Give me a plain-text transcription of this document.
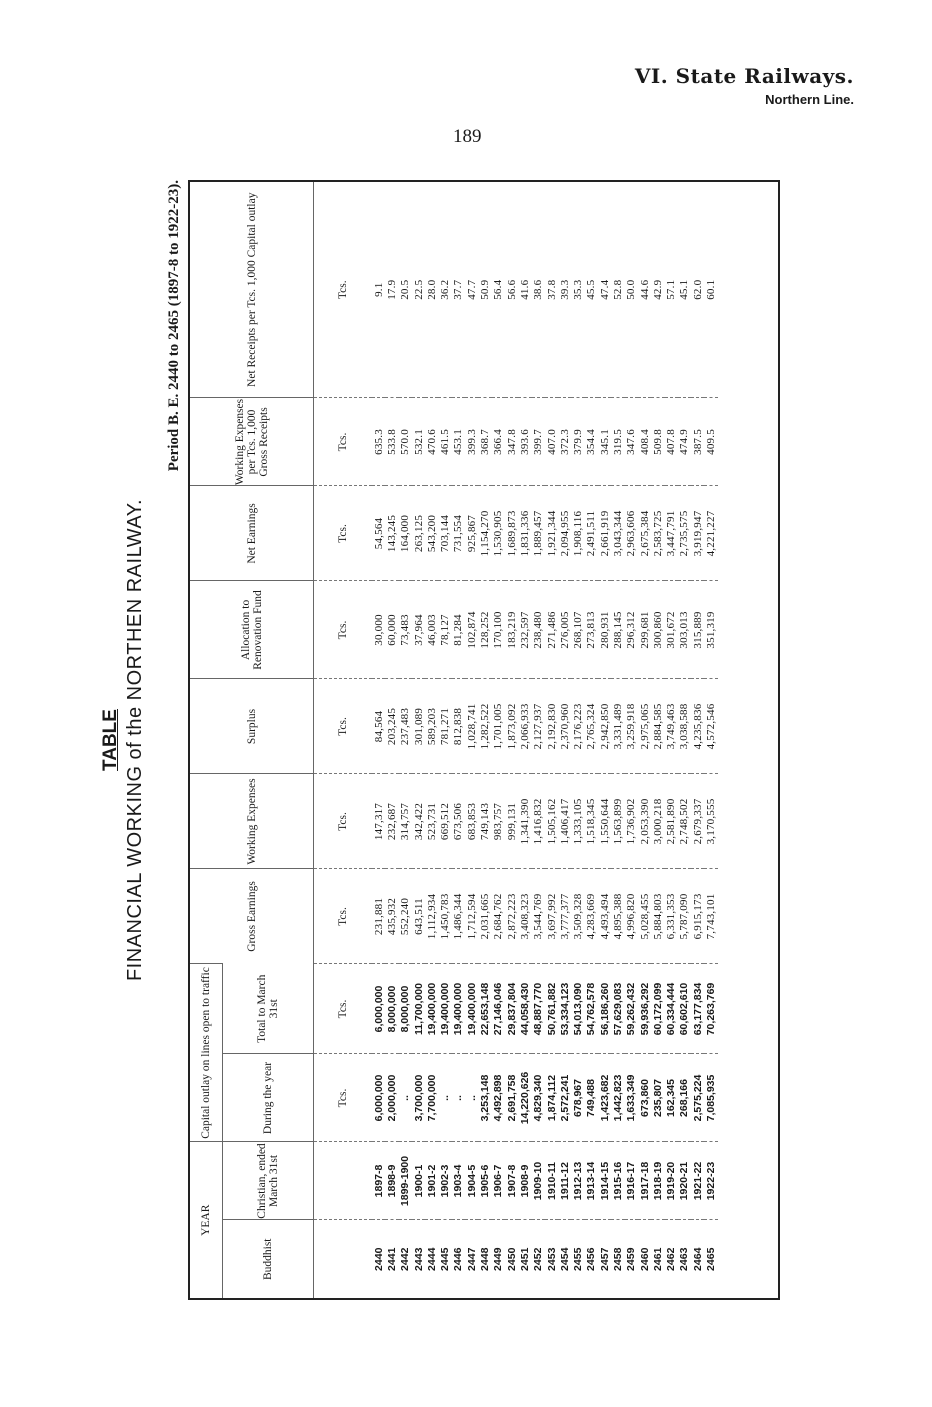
VI. State Railways.
Northern Line.
189
TABLE FINANCIAL WORKING of the NORTHEN RAILWAY.
Period B. E. 2440 to 2465 (1897-8 to 1922-23).
YEAR		Capital outlay on lines open to traffic		Gross Earnings	Working Expenses	Surplus	Allocation to Renovation Fund	Net Earnings	Working Expenses per Tcs. 1,000 Gross Receipts	Net Receipts per Tcs. 1,000 Capital outlay
Buddhist	Christian, ended March 31st	During the year	Total to March 31st							
		Tcs.	Tcs.	Tcs.	Tcs.	Tcs.	Tcs.	Tcs.	Tcs.	Tcs.
2440	1897-8	6,000,000	6,000,000	231,881	147,317	84,564	30,000	54,564	635.3	9.1
2441	1898-9	2,000,000	8,000,000	435,932	232,687	203,245	60,000	143,245	533.8	17.9
2442	1899-1900	..	8,000,000	552,240	314,757	237,483	73,483	164,000	570.0	20.5
2443	1900-1	3,700,000	11,700,000	643,511	342,422	301,089	37,964	263,125	532.1	22.5
2444	1901-2	7,700,000	19,400,000	1,112,934	523,731	589,203	46,003	543,200	470.6	28.0
2445	1902-3	..	19,400,000	1,450,783	669,512	781,271	78,127	703,144	461.5	36.2
2446	1903-4	..	19,400,000	1,486,344	673,506	812,838	81,284	731,554	453.1	37.7
2447	1904-5	..	19,400,000	1,712,594	683,853	1,028,741	102,874	925,867	399.3	47.7
2448	1905-6	3,253,148	22,653,148	2,031,665	749,143	1,282,522	128,252	1,154,270	368.7	50.9
2449	1906-7	4,492,898	27,146,046	2,684,762	983,757	1,701,005	170,100	1,530,905	366.4	56.4
2450	1907-8	2,691,758	29,837,804	2,872,223	999,131	1,873,092	183,219	1,689,873	347.8	56.6
2451	1908-9	14,220,626	44,058,430	3,408,323	1,341,390	2,066,933	232,597	1,831,336	393.6	41.6
2452	1909-10	4,829,340	48,887,770	3,544,769	1,416,832	2,127,937	238,480	1,889,457	399.7	38.6
2453	1910-11	1,874,112	50,761,882	3,697,992	1,505,162	2,192,830	271,486	1,921,344	407.0	37.8
2454	1911-12	2,572,241	53,334,123	3,777,377	1,406,417	2,370,960	276,005	2,094,955	372.3	39.3
2455	1912-13	678,967	54,013,090	3,509,328	1,333,105	2,176,223	268,107	1,908,116	379.9	35.3
2456	1913-14	749,488	54,762,578	4,283,669	1,518,345	2,765,324	273,813	2,491,511	354.4	45.5
2457	1914-15	1,423,682	56,186,260	4,493,494	1,550,644	2,942,850	280,931	2,661,919	345.1	47.4
2458	1915-16	1,442,823	57,629,083	4,895,388	1,563,899	3,331,489	288,145	3,043,344	319.5	52.8
2459	1916-17	1,633,349	59,262,432	4,996,820	1,736,902	3,259,918	296,312	2,963,606	347.6	50.0
2460	1917-18	673,860	59,936,292	5,028,455	2,053,390	2,975,065	299,681	2,675,384	408.4	44.6
2461	1918-19	235,807	60,172,099	5,884,803	3,000,218	2,884,585	300,860	2,583,725	509.8	42.9
2462	1919-20	162,345	60,334,444	6,331,353	2,581,890	3,749,463	301,672	3,447,791	407.8	57.1
2463	1920-21	268,166	60,602,610	5,787,090	2,748,502	3,038,588	303,013	2,735,575	474.9	45.1
2464	1921-22	2,575,224	63,177,834	6,915,173	2,679,337	4,235,836	315,889	3,919,947	387.5	62.0
2465	1922-23	7,085,935	70,263,769	7,743,101	3,170,555	4,572,546	351,319	4,221,227	409.5	60.1
